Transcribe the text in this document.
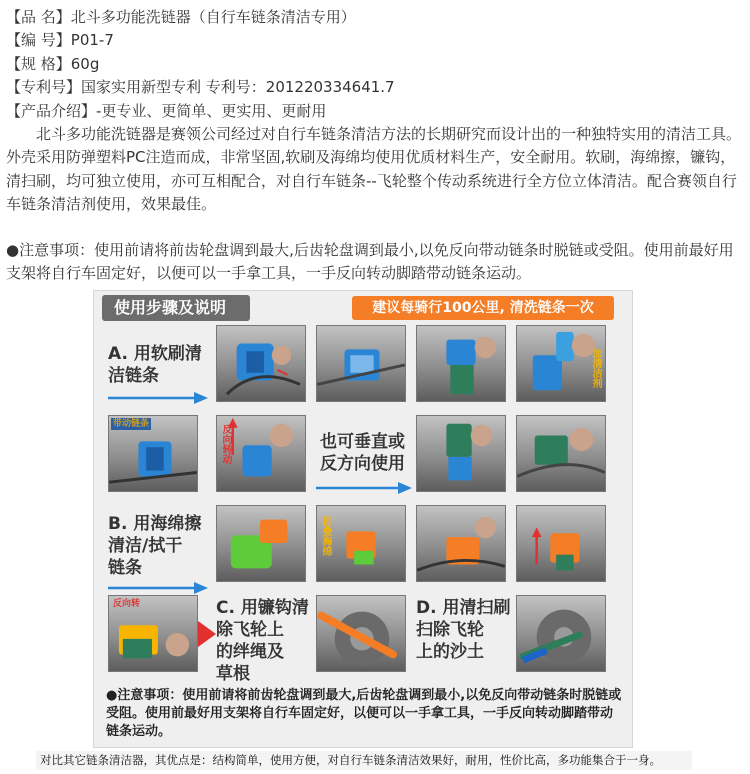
【品 名】北斗多功能洗链器（自行车链条清洁专用）
【编 号】P01-7
【规 格】60g
【专利号】国家实用新型专利 专利号：201220334641.7
【产品介绍】-更专业、更简单、更实用、更耐用

北斗多功能洗链器是赛领公司经过对自行车链条清洁方法的长期研究而设计出的一种独特实用的清洁工具。外壳采用防弹塑料PC注造而成，非常坚固,软刷及海绵均使用优质材料生产，安全耐用。软刷，海绵擦，镰钩，清扫刷，均可独立使用，亦可互相配合，对自行车链条--飞轮整个传动系统进行全方位立体清洁。配合赛领自行车链条清洁剂使用，效果最佳。

●注意事项：使用前请将前齿轮盘调到最大,后齿轮盘调到最小,以免反向带动链条时脱链或受阻。使用前最好用支架将自行车固定好，以便可以一手拿工具，一手反向转动脚踏带动链条运动。

使用步骤及说明	建议每骑行100公里, 清洗链条一次
A. 用软刷清
洁链条	加清洁剂
带动链条	反向转动	也可垂直或
反方向使用
B. 用海绵擦
清洁/拭干
链条
折叠海绵
反向转	C. 用镰钩清
除飞轮上
的绊绳及
草根
D. 用清扫刷
扫除飞轮
上的沙土
●注意事项：使用前请将前齿轮盘调到最大,后齿轮盘调到最小,以免反向带动链条时脱链或受阻。使用前最好用支架将自行车固定好，以便可以一手拿工具，一手反向转动脚踏带动链条运动。
对比其它链条清洁器，其优点是：结构简单，使用方便，对自行车链条清洁效果好，耐用，性价比高，多功能集合于一身。
